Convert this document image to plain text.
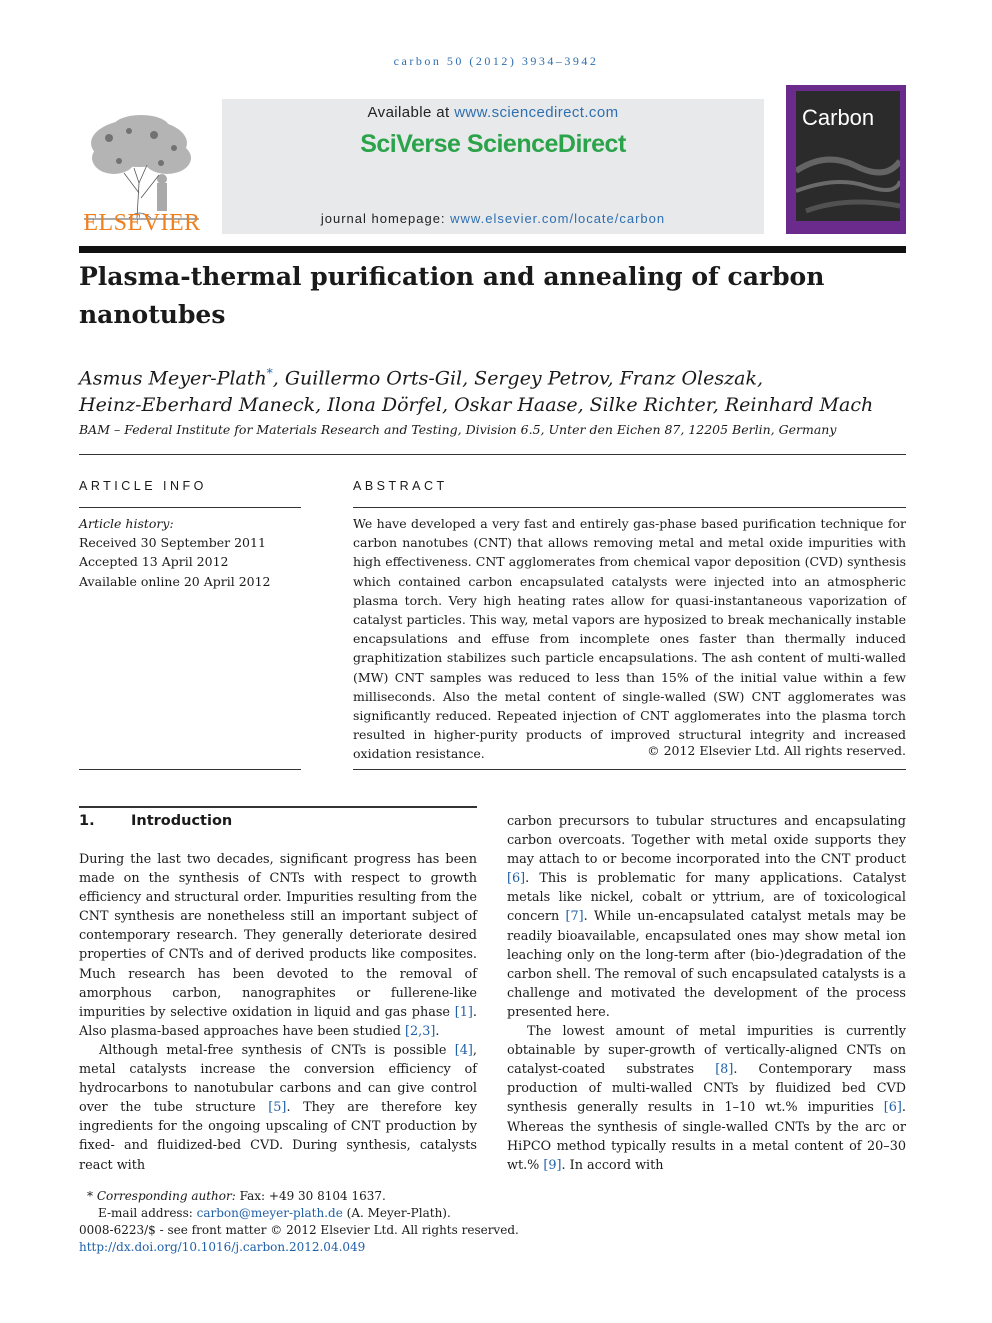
carbon 50 (2012) 3934–3942
ELSEVIER
Available at www.sciencedirect.com
SciVerse ScienceDirect
journal homepage: www.elsevier.com/locate/carbon
Carbon
Plasma-thermal purification and annealing of carbon nanotubes
Asmus Meyer-Plath*, Guillermo Orts-Gil, Sergey Petrov, Franz Oleszak,
Heinz-Eberhard Maneck, Ilona Dörfel, Oskar Haase, Silke Richter, Reinhard Mach
BAM – Federal Institute for Materials Research and Testing, Division 6.5, Unter den Eichen 87, 12205 Berlin, Germany
ARTICLE INFO	ABSTRACT
Article history:
Received 30 September 2011
Accepted 13 April 2012
Available online 20 April 2012
We have developed a very fast and entirely gas-phase based purification technique for carbon nanotubes (CNT) that allows removing metal and metal oxide impurities with high effectiveness. CNT agglomerates from chemical vapor deposition (CVD) synthesis which contained carbon encapsulated catalysts were injected into an atmospheric plasma torch. Very high heating rates allow for quasi-instantaneous vaporization of catalyst particles. This way, metal vapors are hyposized to break mechanically instable encapsulations and effuse from incomplete ones faster than thermally induced graphitization stabilizes such particle encapsulations. The ash content of multi-walled (MW) CNT samples was reduced to less than 15% of the initial value within a few milliseconds. Also the metal content of single-walled (SW) CNT agglomerates was significantly reduced. Repeated injection of CNT agglomerates into the plasma torch resulted in higher-purity products of improved structural integrity and increased oxidation resistance.	© 2012 Elsevier Ltd. All rights reserved.
1.	Introduction

During the last two decades, significant progress has been made on the synthesis of CNTs with respect to growth efficiency and structural order. Impurities resulting from the CNT synthesis are nonetheless still an important subject of contemporary research. They generally deteriorate desired properties of CNTs and of derived products like composites. Much research has been devoted to the removal of amorphous carbon, nanographites or fullerene-like impurities by selective oxidation in liquid and gas phase [1]. Also plasma-based approaches have been studied [2,3].

Although metal-free synthesis of CNTs is possible [4], metal catalysts increase the conversion efficiency of hydrocarbons to nanotubular carbons and can give control over the tube structure [5]. They are therefore key ingredients for the ongoing upscaling of CNT production by fixed- and fluidized-bed CVD. During synthesis, catalysts react with

carbon precursors to tubular structures and encapsulating carbon overcoats. Together with metal oxide supports they may attach to or become incorporated into the CNT product [6]. This is problematic for many applications. Catalyst metals like nickel, cobalt or yttrium, are of toxicological concern [7]. While un-encapsulated catalyst metals may be readily bioavailable, encapsulated ones may show metal ion leaching only on the long-term after (bio-)degradation of the carbon shell. The removal of such encapsulated catalysts is a challenge and motivated the development of the process presented here.

The lowest amount of metal impurities is currently obtainable by super-growth of vertically-aligned CNTs on catalyst-coated substrates [8]. Contemporary mass production of multi-walled CNTs by fluidized bed CVD synthesis generally results in 1–10 wt.% impurities [6]. Whereas the synthesis of single-walled CNTs by the arc or HiPCO method typically results in a metal content of 20–30 wt.% [9]. In accord with

* Corresponding author: Fax: +49 30 8104 1637.
E-mail address: carbon@meyer-plath.de (A. Meyer-Plath).
0008-6223/$ - see front matter © 2012 Elsevier Ltd. All rights reserved.
http://dx.doi.org/10.1016/j.carbon.2012.04.049
